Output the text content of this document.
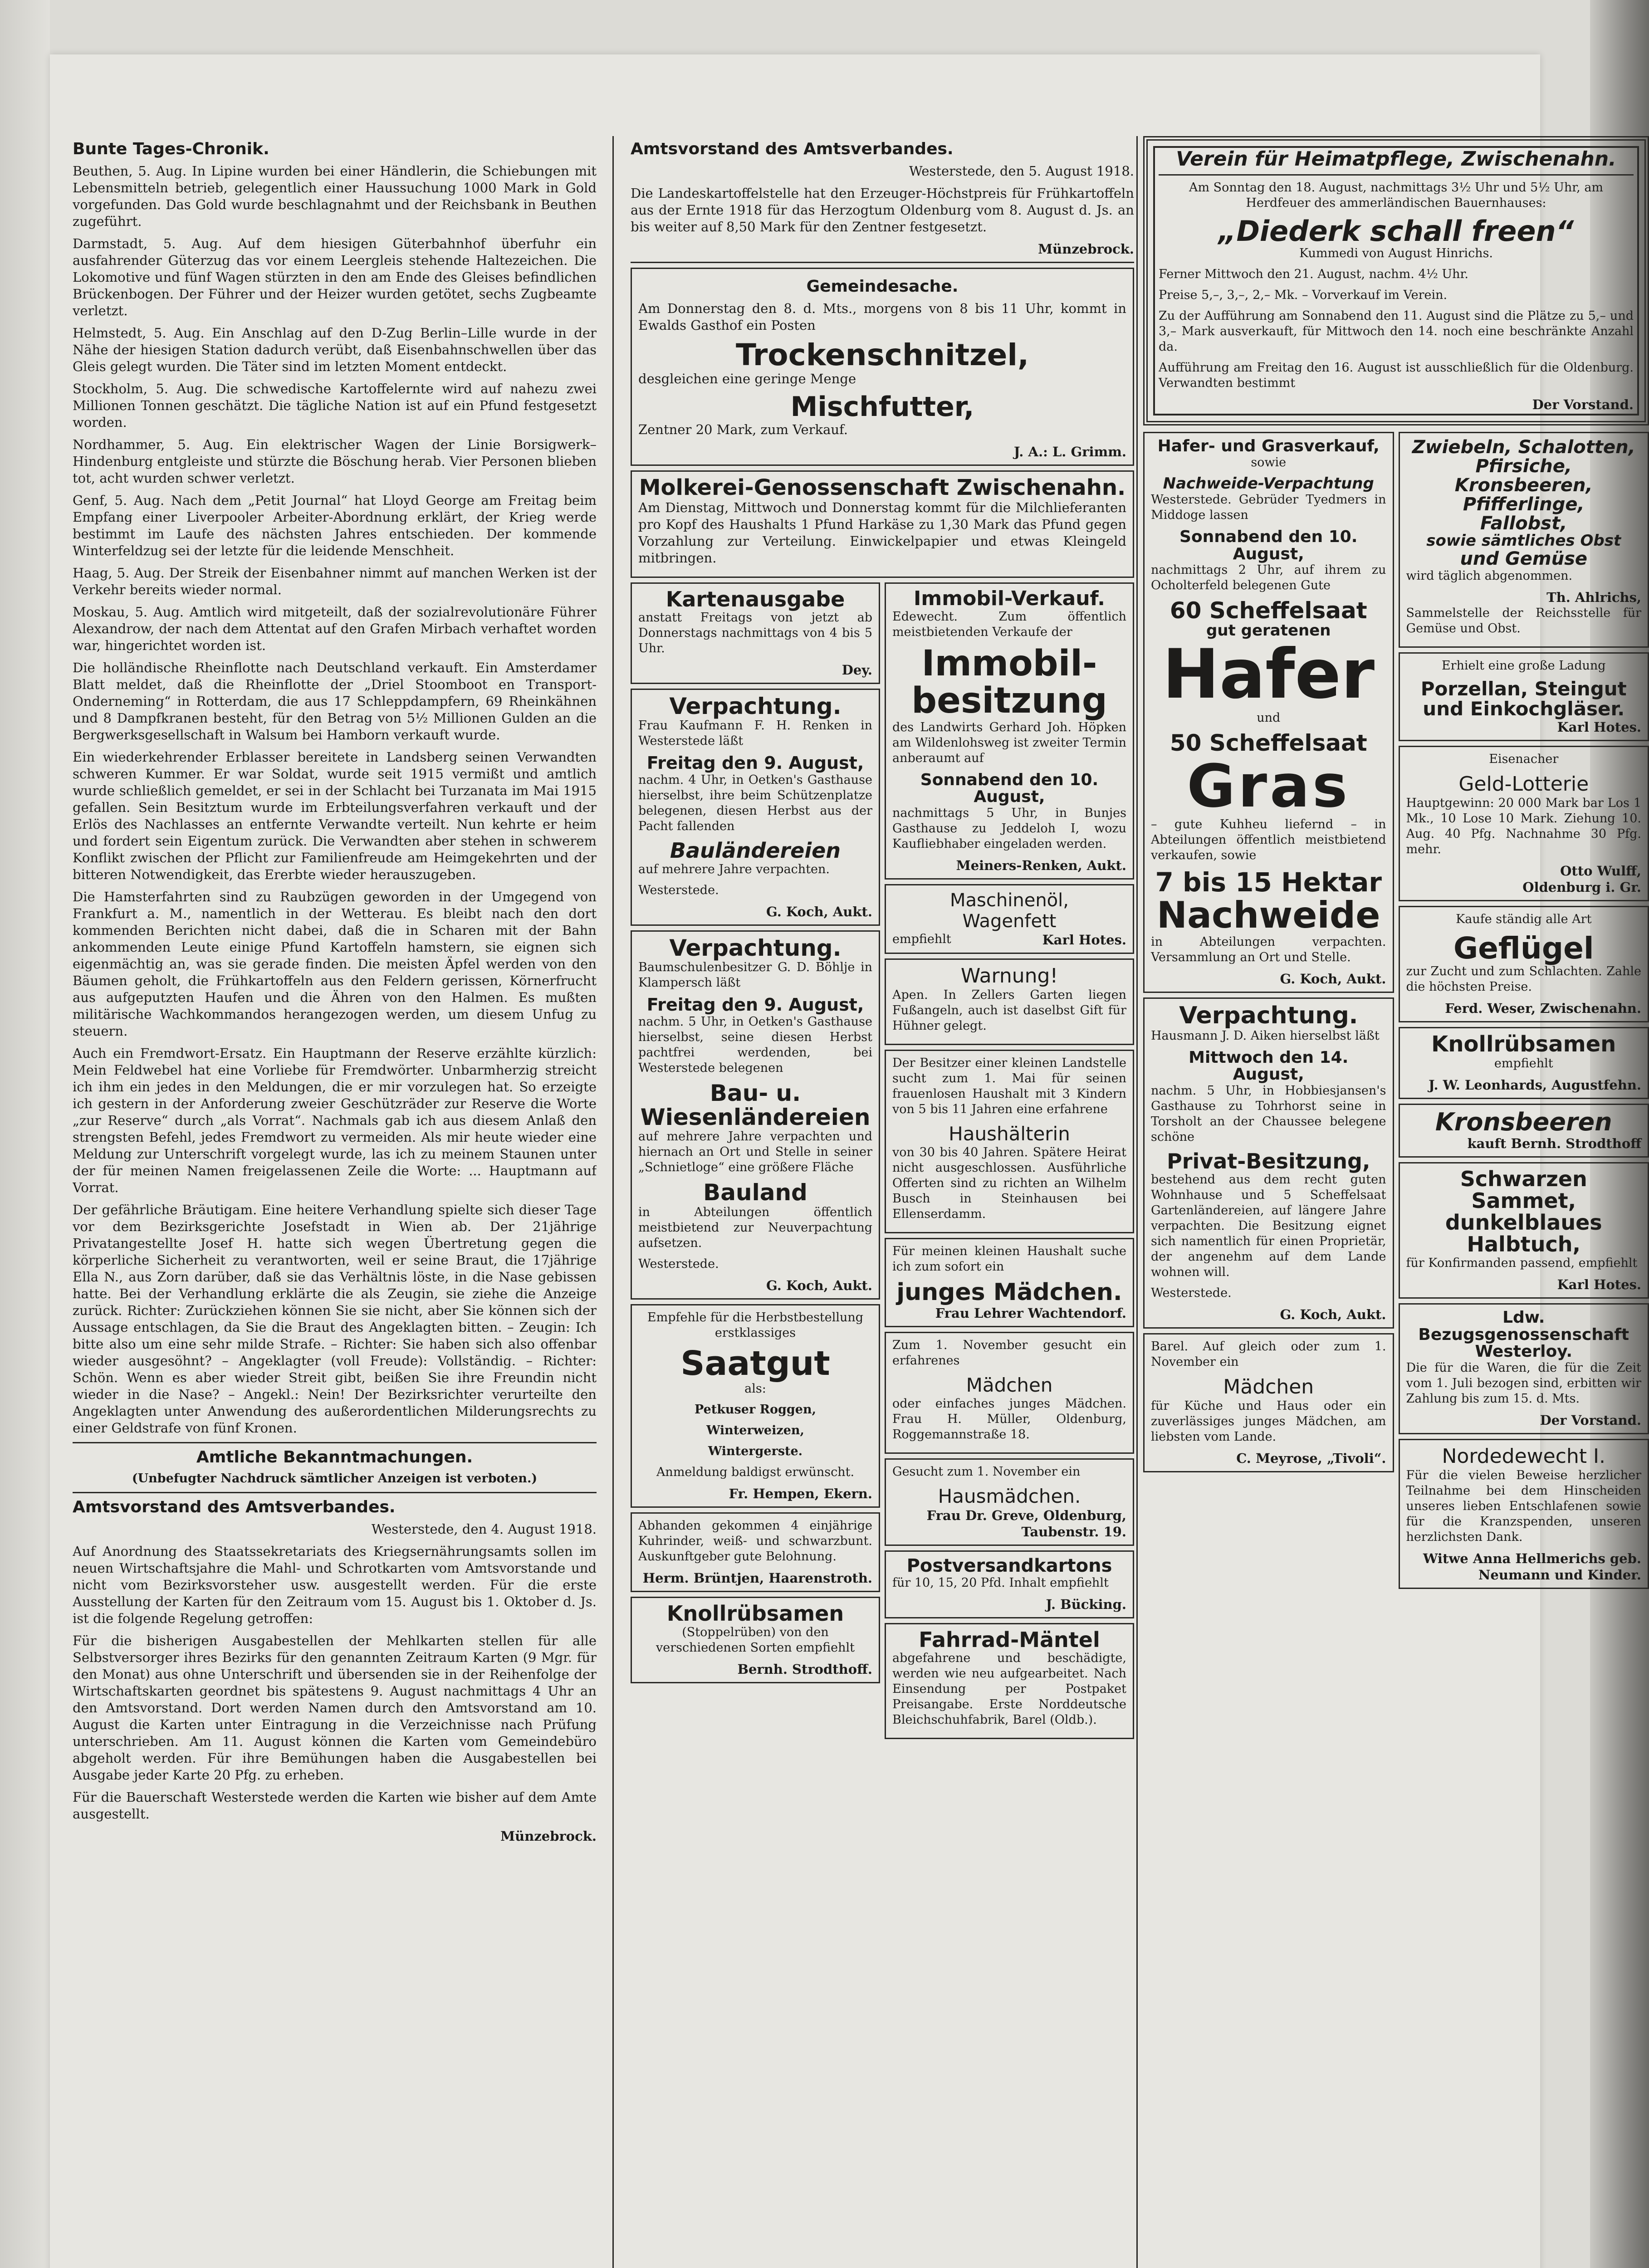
Bunte Tages-Chronik.

Beuthen, 5. Aug. In Lipine wurden bei einer Händlerin, die Schiebungen mit Lebensmitteln betrieb, gelegentlich einer Haussuchung 1000 Mark in Gold vorgefunden. Das Gold wurde beschlagnahmt und der Reichsbank in Beuthen zugeführt.

Darmstadt, 5. Aug. Auf dem hiesigen Güterbahnhof überfuhr ein ausfahrender Güterzug das vor einem Leergleis stehende Haltezeichen. Die Lokomotive und fünf Wagen stürzten in den am Ende des Gleises befindlichen Brückenbogen. Der Führer und der Heizer wurden getötet, sechs Zugbeamte verletzt.

Helmstedt, 5. Aug. Ein Anschlag auf den D-Zug Berlin–Lille wurde in der Nähe der hiesigen Station dadurch verübt, daß Eisenbahnschwellen über das Gleis gelegt wurden. Die Täter sind im letzten Moment entdeckt.

Stockholm, 5. Aug. Die schwedische Kartoffelernte wird auf nahezu zwei Millionen Tonnen geschätzt. Die tägliche Nation ist auf ein Pfund festgesetzt worden.

Nordhammer, 5. Aug. Ein elektrischer Wagen der Linie Borsigwerk–Hindenburg entgleiste und stürzte die Böschung herab. Vier Personen blieben tot, acht wurden schwer verletzt.

Genf, 5. Aug. Nach dem „Petit Journal“ hat Lloyd George am Freitag beim Empfang einer Liverpooler Arbeiter-Abordnung erklärt, der Krieg werde bestimmt im Laufe des nächsten Jahres entschieden. Der kommende Winterfeldzug sei der letzte für die leidende Menschheit.

Haag, 5. Aug. Der Streik der Eisenbahner nimmt auf manchen Werken ist der Verkehr bereits wieder normal.

Moskau, 5. Aug. Amtlich wird mitgeteilt, daß der sozialrevolutionäre Führer Alexandrow, der nach dem Attentat auf den Grafen Mirbach verhaftet worden war, hingerichtet worden ist.

Die holländische Rheinflotte nach Deutschland verkauft. Ein Amsterdamer Blatt meldet, daß die Rheinflotte der „Driel Stoomboot en Transport-Onderneming“ in Rotterdam, die aus 17 Schleppdampfern, 69 Rheinkähnen und 8 Dampfkranen besteht, für den Betrag von 5½ Millionen Gulden an die Bergwerksgesellschaft in Walsum bei Hamborn verkauft wurde.

Ein wiederkehrender Erblasser bereitete in Landsberg seinen Verwandten schweren Kummer. Er war Soldat, wurde seit 1915 vermißt und amtlich wurde schließlich gemeldet, er sei in der Schlacht bei Turzanata im Mai 1915 gefallen. Sein Besitztum wurde im Erbteilungsverfahren verkauft und der Erlös des Nachlasses an entfernte Verwandte verteilt. Nun kehrte er heim und fordert sein Eigentum zurück. Die Verwandten aber stehen in schwerem Konflikt zwischen der Pflicht zur Familienfreude am Heimgekehrten und der bitteren Notwendigkeit, das Ererbte wieder herauszugeben.

Die Hamsterfahrten sind zu Raubzügen geworden in der Umgegend von Frankfurt a. M., namentlich in der Wetterau. Es bleibt nach den dort kommenden Berichten nicht dabei, daß die in Scharen mit der Bahn ankommenden Leute einige Pfund Kartoffeln hamstern, sie eignen sich eigenmächtig an, was sie gerade finden. Die meisten Äpfel werden von den Bäumen geholt, die Frühkartoffeln aus den Feldern gerissen, Körnerfrucht aus aufgeputzten Haufen und die Ähren von den Halmen. Es mußten militärische Wachkommandos herangezogen werden, um diesem Unfug zu steuern.

Auch ein Fremdwort-Ersatz. Ein Hauptmann der Reserve erzählte kürzlich: Mein Feldwebel hat eine Vorliebe für Fremdwörter. Unbarmherzig streicht ich ihm ein jedes in den Meldungen, die er mir vorzulegen hat. So erzeigte ich gestern in der Anforderung zweier Geschützräder zur Reserve die Worte „zur Reserve“ durch „als Vorrat“. Nachmals gab ich aus diesem Anlaß den strengsten Befehl, jedes Fremdwort zu vermeiden. Als mir heute wieder eine Meldung zur Unterschrift vorgelegt wurde, las ich zu meinem Staunen unter der für meinen Namen freigelassenen Zeile die Worte: ... Hauptmann auf Vorrat.

Der gefährliche Bräutigam. Eine heitere Verhandlung spielte sich dieser Tage vor dem Bezirksgerichte Josefstadt in Wien ab. Der 21jährige Privatangestellte Josef H. hatte sich wegen Übertretung gegen die körperliche Sicherheit zu verantworten, weil er seine Braut, die 17jährige Ella N., aus Zorn darüber, daß sie das Verhältnis löste, in die Nase gebissen hatte. Bei der Verhandlung erklärte die als Zeugin, sie ziehe die Anzeige zurück. Richter: Zurückziehen können Sie sie nicht, aber Sie können sich der Aussage entschlagen, da Sie die Braut des Angeklagten bitten. – Zeugin: Ich bitte also um eine sehr milde Strafe. – Richter: Sie haben sich also offenbar wieder ausgesöhnt? – Angeklagter (voll Freude): Vollständig. – Richter: Schön. Wenn es aber wieder Streit gibt, beißen Sie ihre Freundin nicht wieder in die Nase? – Angekl.: Nein! Der Bezirksrichter verurteilte den Angeklagten unter Anwendung des außerordentlichen Milderungsrechts zu einer Geldstrafe von fünf Kronen.

Amtliche Bekanntmachungen.

(Unbefugter Nachdruck sämtlicher Anzeigen ist verboten.)

Amtsvorstand des Amtsverbandes.

Westerstede, den 4. August 1918.

Auf Anordnung des Staatssekretariats des Kriegsernährungsamts sollen im neuen Wirtschaftsjahre die Mahl- und Schrotkarten vom Amtsvorstande und nicht vom Bezirksvorsteher usw. ausgestellt werden. Für die erste Ausstellung der Karten für den Zeitraum vom 15. August bis 1. Oktober d. Js. ist die folgende Regelung getroffen:

Für die bisherigen Ausgabestellen der Mehlkarten stellen für alle Selbstversorger ihres Bezirks für den genannten Zeitraum Karten (9 Mgr. für den Monat) aus ohne Unterschrift und übersenden sie in der Reihenfolge der Wirtschaftskarten geordnet bis spätestens 9. August nachmittags 4 Uhr an den Amtsvorstand. Dort werden Namen durch den Amtsvorstand am 10. August die Karten unter Eintragung in die Verzeichnisse nach Prüfung unterschrieben. Am 11. August können die Karten vom Gemeindebüro abgeholt werden. Für ihre Bemühungen haben die Ausgabestellen bei Ausgabe jeder Karte 20 Pfg. zu erheben.

Für die Bauerschaft Westerstede werden die Karten wie bisher auf dem Amte ausgestellt.

Münzebrock.
Amtsvorstand des Amtsverbandes.

Westerstede, den 5. August 1918.

Die Landeskartoffelstelle hat den Erzeuger-Höchstpreis für Frühkartoffeln aus der Ernte 1918 für das Herzogtum Oldenburg vom 8. August d. Js. an bis weiter auf 8,50 Mark für den Zentner festgesetzt.

Münzebrock.
Gemeindesache.

Am Donnerstag den 8. d. Mts., morgens von 8 bis 11 Uhr, kommt in Ewalds Gasthof ein Posten

Trockenschnitzel,

desgleichen eine geringe Menge

Mischfutter,

Zentner 20 Mark, zum Verkauf.

J. A.: L. Grimm.
Molkerei-Genossenschaft Zwischenahn.

Am Dienstag, Mittwoch und Donnerstag kommt für die Milchlieferanten pro Kopf des Haushalts 1 Pfund Harkäse zu 1,30 Mark das Pfund gegen Vorzahlung zur Verteilung. Einwickelpapier und etwas Kleingeld mitbringen.

Kartenausgabe

anstatt Freitags von jetzt ab Donnerstags nachmittags von 4 bis 5 Uhr.

Dey.
Verpachtung.

Frau Kaufmann F. H. Renken in Westerstede läßt

Freitag den 9. August,

nachm. 4 Uhr, in Oetken's Gasthause hierselbst, ihre beim Schützenplatze belegenen, diesen Herbst aus der Pacht fallenden

Bauländereien

auf mehrere Jahre verpachten.

Westerstede.

G. Koch, Aukt.
Verpachtung.

Baumschulenbesitzer G. D. Böhlje in Klampersch läßt

Freitag den 9. August,

nachm. 5 Uhr, in Oetken's Gasthause hierselbst, seine diesen Herbst pachtfrei werdenden, bei Westerstede belegenen

Bau- u. Wiesenländereien

auf mehrere Jahre verpachten und hiernach an Ort und Stelle in seiner „Schnietloge“ eine größere Fläche

Bauland

in Abteilungen öffentlich meistbietend zur Neuverpachtung aufsetzen.

Westerstede.

G. Koch, Aukt.

Empfehle für die Herbstbestellung erstklassiges

Saatgut

als:

Petkuser Roggen,

Winterweizen,

Wintergerste.

Anmeldung baldigst erwünscht.

Fr. Hempen, Ekern.

Abhanden gekommen 4 einjährige Kuhrinder, weiß- und schwarzbunt. Auskunftgeber gute Belohnung.

Herm. Brüntjen, Haarenstroth.
Knollrübsamen

(Stoppelrüben) von den verschiedenen Sorten empfiehlt

Bernh. Strodthoff.
Immobil-Verkauf.

Edewecht. Zum öffentlich meistbietenden Verkaufe der

Immobil-besitzung

des Landwirts Gerhard Joh. Höpken am Wildenlohsweg ist zweiter Termin anberaumt auf

Sonnabend den 10. August,

nachmittags 5 Uhr, in Bunjes Gasthause zu Jeddeloh I, wozu Kaufliebhaber eingeladen werden.

Meiners-Renken, Aukt.
Maschinenöl,
Wagenfett
empfiehlt	Karl Hotes.
Warnung!

Apen. In Zellers Garten liegen Fußangeln, auch ist daselbst Gift für Hühner gelegt.

Der Besitzer einer kleinen Landstelle sucht zum 1. Mai für seinen frauenlosen Haushalt mit 3 Kindern von 5 bis 11 Jahren eine erfahrene

Haushälterin

von 30 bis 40 Jahren. Spätere Heirat nicht ausgeschlossen. Ausführliche Offerten sind zu richten an Wilhelm Busch in Steinhausen bei Ellenserdamm.

Für meinen kleinen Haushalt suche ich zum sofort ein

junges Mädchen.
Frau Lehrer Wachtendorf.

Zum 1. November gesucht ein erfahrenes

Mädchen

oder einfaches junges Mädchen. Frau H. Müller, Oldenburg, Roggemannstraße 18.

Gesucht zum 1. November ein

Hausmädchen.
Frau Dr. Greve, Oldenburg, Taubenstr. 19.
Postversandkartons

für 10, 15, 20 Pfd. Inhalt empfiehlt

J. Bücking.
Fahrrad-Mäntel

abgefahrene und beschädigte, werden wie neu aufgearbeitet. Nach Einsendung per Postpaket Preisangabe. Erste Norddeutsche Bleichschuhfabrik, Barel (Oldb.).

Verein für Heimatpflege, Zwischenahn.

Am Sonntag den 18. August, nachmittags 3½ Uhr und 5½ Uhr, am Herdfeuer des ammerländischen Bauernhauses:

„Diederk schall freen“

Kummedi von August Hinrichs.

Ferner Mittwoch den 21. August, nachm. 4½ Uhr.

Preise 5,–, 3,–, 2,– Mk. – Vorverkauf im Verein.

Zu der Aufführung am Sonnabend den 11. August sind die Plätze zu 5,– und 3,– Mark ausverkauft, für Mittwoch den 14. noch eine beschränkte Anzahl da.

Aufführung am Freitag den 16. August ist ausschließlich für die Oldenburg. Verwandten bestimmt

Der Vorstand.
Hafer- und Grasverkauf,

sowie

Nachweide-Verpachtung

Westerstede. Gebrüder Tyedmers in Middoge lassen

Sonnabend den 10. August,

nachmittags 2 Uhr, auf ihrem zu Ocholterfeld belegenen Gute

60 Scheffelsaat
gut geratenen
Hafer

und

50 Scheffelsaat
Gras

– gute Kuhheu liefernd – in Abteilungen öffentlich meistbietend verkaufen, sowie

7 bis 15 Hektar
Nachweide

in Abteilungen verpachten. Versammlung an Ort und Stelle.

G. Koch, Aukt.
Verpachtung.

Hausmann J. D. Aiken hierselbst läßt

Mittwoch den 14. August,

nachm. 5 Uhr, in Hobbiesjansen's Gasthause zu Tohrhorst seine in Torsholt an der Chaussee belegene schöne

Privat-Besitzung,

bestehend aus dem recht guten Wohnhause und 5 Scheffelsaat Gartenländereien, auf längere Jahre verpachten. Die Besitzung eignet sich namentlich für einen Proprietär, der angenehm auf dem Lande wohnen will.

Westerstede.

G. Koch, Aukt.

Barel. Auf gleich oder zum 1. November ein

Mädchen

für Küche und Haus oder ein zuverlässiges junges Mädchen, am liebsten vom Lande.

C. Meyrose, „Tivoli“.
Zwiebeln, Schalotten,
Pfirsiche,
Kronsbeeren,
Pfifferlinge,
Fallobst,
sowie sämtliches Obst
und Gemüse

wird täglich abgenommen.

Th. Ahlrichs,

Sammelstelle der Reichsstelle für Gemüse und Obst.

Erhielt eine große Ladung

Porzellan, Steingut und Einkochgläser.
Karl Hotes.

Eisenacher

Geld-Lotterie

Hauptgewinn: 20 000 Mark bar Los 1 Mk., 10 Lose 10 Mark. Ziehung 10. Aug. 40 Pfg. Nachnahme 30 Pfg. mehr.

Otto Wulff,
Oldenburg i. Gr.

Kaufe ständig alle Art

Geflügel

zur Zucht und zum Schlachten. Zahle die höchsten Preise.

Ferd. Weser, Zwischenahn.
Knollrübsamen

empfiehlt

J. W. Leonhards, Augustfehn.
Kronsbeeren
kauft Bernh. Strodthoff
Schwarzen Sammet, dunkelblaues Halbtuch,

für Konfirmanden passend, empfiehlt

Karl Hotes.
Ldw. Bezugsgenossenschaft Westerloy.

Die für die Waren, die für die Zeit vom 1. Juli bezogen sind, erbitten wir Zahlung bis zum 15. d. Mts.

Der Vorstand.
Nordedewecht I.

Für die vielen Beweise herzlicher Teilnahme bei dem Hinscheiden unseres lieben Entschlafenen sowie für die Kranzspenden, unseren herzlichsten Dank.

Witwe Anna Hellmerichs geb. Neumann und Kinder.
